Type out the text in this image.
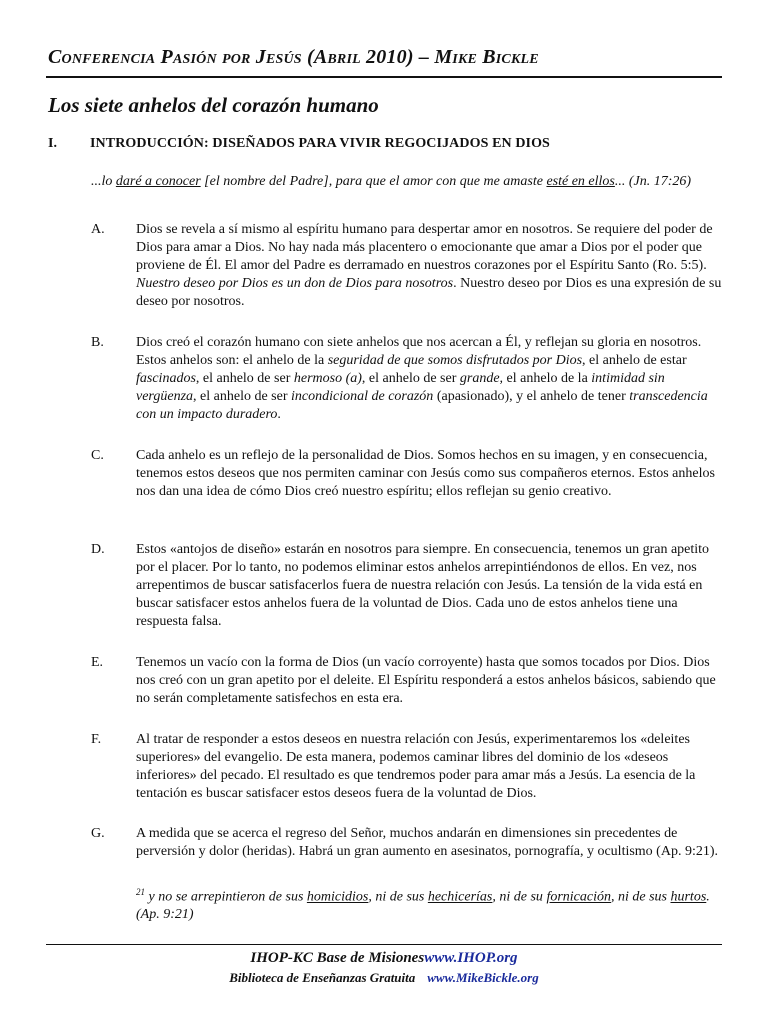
Conferencia Pasión por Jesús (Abril 2010) – Mike Bickle
Los siete anhelos del corazón humano
I. INTRODUCCIÓN: DISEÑADOS PARA VIVIR REGOCIJADOS EN DIOS
...lo daré a conocer [el nombre del Padre], para que el amor con que me amaste esté en ellos... (Jn. 17:26)
A. Dios se revela a sí mismo al espíritu humano para despertar amor en nosotros. Se requiere del poder de Dios para amar a Dios. No hay nada más placentero o emocionante que amar a Dios por el poder que proviene de Él. El amor del Padre es derramado en nuestros corazones por el Espíritu Santo (Ro. 5:5). Nuestro deseo por Dios es un don de Dios para nosotros. Nuestro deseo por Dios es una expresión de su deseo por nosotros.
B. Dios creó el corazón humano con siete anhelos que nos acercan a Él, y reflejan su gloria en nosotros. Estos anhelos son: el anhelo de la seguridad de que somos disfrutados por Dios, el anhelo de estar fascinados, el anhelo de ser hermoso (a), el anhelo de ser grande, el anhelo de la intimidad sin vergüenza, el anhelo de ser incondicional de corazón (apasionado), y el anhelo de tener transcedencia con un impacto duradero.
C. Cada anhelo es un reflejo de la personalidad de Dios. Somos hechos en su imagen, y en consecuencia, tenemos estos deseos que nos permiten caminar con Jesús como sus compañeros eternos. Estos anhelos nos dan una idea de cómo Dios creó nuestro espíritu; ellos reflejan su genio creativo.
D. Estos «antojos de diseño» estarán en nosotros para siempre. En consecuencia, tenemos un gran apetito por el placer. Por lo tanto, no podemos eliminar estos anhelos arrepintiéndonos de ellos. En vez, nos arrepentimos de buscar satisfacerlos fuera de nuestra relación con Jesús. La tensión de la vida está en buscar satisfacer estos anhelos fuera de la voluntad de Dios. Cada uno de estos anhelos tiene una respuesta falsa.
E. Tenemos un vacío con la forma de Dios (un vacío corroyente) hasta que somos tocados por Dios. Dios nos creó con un gran apetito por el deleite. El Espíritu responderá a estos anhelos básicos, sabiendo que no serán completamente satisfechos en esta era.
F. Al tratar de responder a estos deseos en nuestra relación con Jesús, experimentaremos los «deleites superiores» del evangelio. De esta manera, podemos caminar libres del dominio de los «deseos inferiores» del pecado. El resultado es que tendremos poder para amar más a Jesús. La esencia de la tentación es buscar satisfacer estos deseos fuera de la voluntad de Dios.
G. A medida que se acerca el regreso del Señor, muchos andarán en dimensiones sin precedentes de perversión y dolor (heridas). Habrá un gran aumento en asesinatos, pornografía, y ocultismo (Ap. 9:21).
$^{21}$ y no se arrepintieron de sus homicidios, ni de sus hechicerías, ni de su fornicación, ni de sus hurtos. (Ap. 9:21)
IHOP-KC Base de Misioneswww.IHOP.org
Biblioteca de Enseñanzas Gratuita www.MikeBickle.org
